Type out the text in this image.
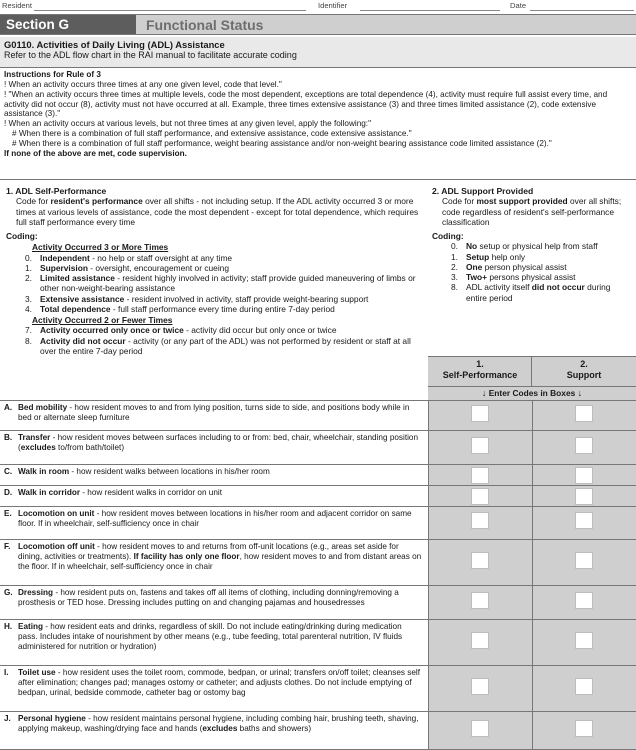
Resident	Identifier	Date
Section G	Functional Status
G0110. Activities of Daily Living (ADL) Assistance
Refer to the ADL flow chart in the RAI manual to facilitate accurate coding
Instructions for Rule of 3
! When an activity occurs three times at any one given level, code that level."
! "When an activity occurs three times at multiple levels, code the most dependent, exceptions are total dependence (4), activity must require full assist every time, and activity did not occur (8), activity must not have occurred at all. Example, three times extensive assistance (3) and three times limited assistance (2), code extensive assistance (3)."
! When an activity occurs at various levels, but not three times at any given level, apply the following:"
# When there is a combination of full staff performance, and extensive assistance, code extensive assistance."
# When there is a combination of full staff performance, weight bearing assistance and/or non-weight bearing assistance code limited assistance (2)."
If none of the above are met, code supervision.
1. ADL Self-Performance
Code for resident's performance over all shifts - not including setup. If the ADL activity occurred 3 or more times at various levels of assistance, code the most dependent - except for total dependence, which requires full staff performance every time
Coding:
Activity Occurred 3 or More Times
0. Independent - no help or staff oversight at any time
1. Supervision - oversight, encouragement or cueing
2. Limited assistance - resident highly involved in activity; staff provide guided maneuvering of limbs or other non-weight-bearing assistance
3. Extensive assistance - resident involved in activity, staff provide weight-bearing support
4. Total dependence - full staff performance every time during entire 7-day period
Activity Occurred 2 or Fewer Times
7. Activity occurred only once or twice - activity did occur but only once or twice
8. Activity did not occur - activity (or any part of the ADL) was not performed by resident or staff at all over the entire 7-day period
2. ADL Support Provided
Code for most support provided over all shifts; code regardless of resident's self-performance classification
Coding:
0. No setup or physical help from staff
1. Setup help only
2. One person physical assist
3. Two+ persons physical assist
8. ADL activity itself did not occur during entire period
1.
Self-Performance
2.
Support
↓ Enter Codes in Boxes ↓
A. Bed mobility - how resident moves to and from lying position, turns side to side, and positions body while in bed or alternate sleep furniture
B. Transfer - how resident moves between surfaces including to or from: bed, chair, wheelchair, standing position (excludes to/from bath/toilet)
C. Walk in room - how resident walks between locations in his/her room
D. Walk in corridor - how resident walks in corridor on unit
E. Locomotion on unit - how resident moves between locations in his/her room and adjacent corridor on same floor. If in wheelchair, self-sufficiency once in chair
F. Locomotion off unit - how resident moves to and returns from off-unit locations (e.g., areas set aside for dining, activities or treatments). If facility has only one floor, how resident moves to and from distant areas on the floor. If in wheelchair, self-sufficiency once in chair
G. Dressing - how resident puts on, fastens and takes off all items of clothing, including donning/removing a prosthesis or TED hose. Dressing includes putting on and changing pajamas and housedresses
H. Eating - how resident eats and drinks, regardless of skill. Do not include eating/drinking during medication pass. Includes intake of nourishment by other means (e.g., tube feeding, total parenteral nutrition, IV fluids administered for nutrition or hydration)
I. Toilet use - how resident uses the toilet room, commode, bedpan, or urinal; transfers on/off toilet; cleanses self after elimination; changes pad; manages ostomy or catheter; and adjusts clothes. Do not include emptying of bedpan, urinal, bedside commode, catheter bag or ostomy bag
J. Personal hygiene - how resident maintains personal hygiene, including combing hair, brushing teeth, shaving, applying makeup, washing/drying face and hands (excludes baths and showers)
